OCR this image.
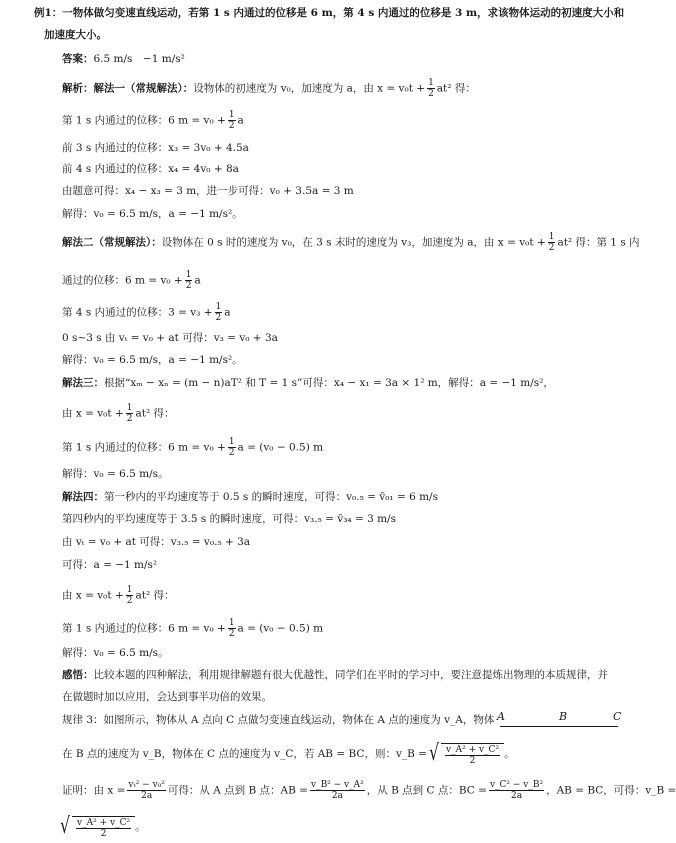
例1：一物体做匀变速直线运动，若第 1 s 内通过的位移是 6 m，第 4 s 内通过的位移是 3 m，求该物体运动的初速度大小和
加速度大小。
答案：6.5 m/s　−1 m/s²
解析：解法一（常规解法）：设物体的初速度为 v₀，加速度为 a，由 $x = v_0t + \frac{1}{2} at^2$ 得：
第 1 s 内通过的位移：6 $m = v_0 + \frac{1}{2}$ a
前 3 s 内通过的位移：x₃ = 3v₀ + 4.5a
前 4 s 内通过的位移：x₄ = 4v₀ + 8a
由题意可得：x₄ − x₃ = 3 m，进一步可得：v₀ + 3.5a = 3 m
解得：v₀ = 6.5 m/s，a = −1 m/s²。
解法二（常规解法）：设物体在 0 s 时的速度为 v₀，在 3 s 末时的速度为 v₃，加速度为 a，由 $x = v_0t + \frac{1}{2} at^2$ 得：第 1 s 内
通过的位移：6 $m = v_0 + \frac{1}{2}$ a
第 4 s 内通过的位移：$3 = v_3 + \frac{1}{2}$ a
0 s~3 s 由 vₜ = v₀ + at 可得：v₃ = v₀ + 3a
解得：v₀ = 6.5 m/s，a = −1 m/s²。
解法三：根据“xₘ − xₙ = (m − n)aT² 和 T = 1 s”可得：x₄ − x₁ = 3a × 1² m，解得：a = −1 m/s²，
由 $x = v_0t + \frac{1}{2} at^2$ 得：
第 1 s 内通过的位移：6 $m = v_0 + \frac{1}{2}$ a = (v₀ − 0.5) m
解得：v₀ = 6.5 m/s。
解法四：第一秒内的平均速度等于 0.5 s 的瞬时速度，可得：v₀.₅ = v̄₀₁ = 6 m/s
第四秒内的平均速度等于 3.5 s 的瞬时速度，可得：v₃.₅ = v̄₃₄ = 3 m/s
由 vₜ = v₀ + at 可得：v₃.₅ = v₀.₅ + 3a
可得：a = −1 m/s²
由 $x = v_0t + \frac{1}{2} at^2$ 得：
第 1 s 内通过的位移：6 $m = v_0 + \frac{1}{2}$ a = (v₀ − 0.5) m
解得：v₀ = 6.5 m/s。
感悟：比较本题的四种解法，利用规律解题有很大优越性，同学们在平时的学习中，要注意提炼出物理的本质规律，并
在做题时加以应用，会达到事半功倍的效果。
规律 3：如图所示，物体从 A 点向 C 点做匀变速直线运动，物体在 A 点的速度为 v_A，物体 A	B	C
在 B 点的速度为 v_B，物体在 C 点的速度为 v_C，若 AB = BC，则：v_B =√ $\frac{\text{v\_A² + v\_C²}}{2}$ 。
证明：由 $x = \frac{\text{vₜ² − v₀²}}{2a}$ 可得：从 A 点到 B 点：AB = $\frac{\text{v\_B² − v\_A²}}{2a}$ ，从 B 点到 C 点：BC = $\frac{\text{v\_C² − v\_B²}}{2a}$ ，AB = BC，可得：v_B =
√ $\frac{\text{v\_A² + v\_C²}}{2}$ 。
